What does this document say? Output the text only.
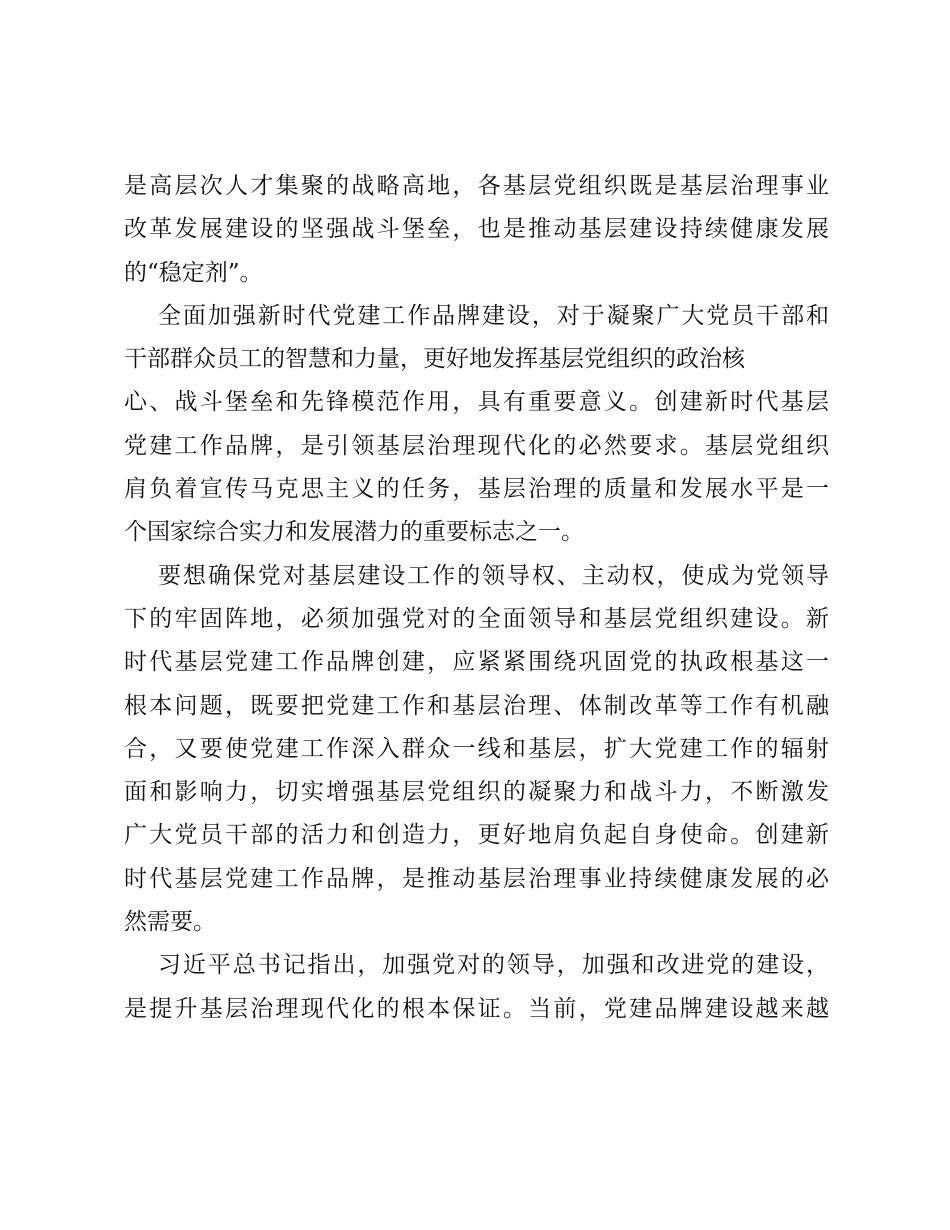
是高层次人才集聚的战略高地，各基层党组织既是基层治理事业
改革发展建设的坚强战斗堡垒，也是推动基层建设持续健康发展
的“稳定剂”。
全面加强新时代党建工作品牌建设，对于凝聚广大党员干部和
干部群众员工的智慧和力量，更好地发挥基层党组织的政治核
心、战斗堡垒和先锋模范作用，具有重要意义。创建新时代基层
党建工作品牌，是引领基层治理现代化的必然要求。基层党组织
肩负着宣传马克思主义的任务，基层治理的质量和发展水平是一
个国家综合实力和发展潜力的重要标志之一。
要想确保党对基层建设工作的领导权、主动权，使成为党领导
下的牢固阵地，必须加强党对的全面领导和基层党组织建设。新
时代基层党建工作品牌创建，应紧紧围绕巩固党的执政根基这一
根本问题，既要把党建工作和基层治理、体制改革等工作有机融
合，又要使党建工作深入群众一线和基层，扩大党建工作的辐射
面和影响力，切实增强基层党组织的凝聚力和战斗力，不断激发
广大党员干部的活力和创造力，更好地肩负起自身使命。创建新
时代基层党建工作品牌，是推动基层治理事业持续健康发展的必
然需要。
习近平总书记指出，加强党对的领导，加强和改进党的建设，
是提升基层治理现代化的根本保证。当前，党建品牌建设越来越
